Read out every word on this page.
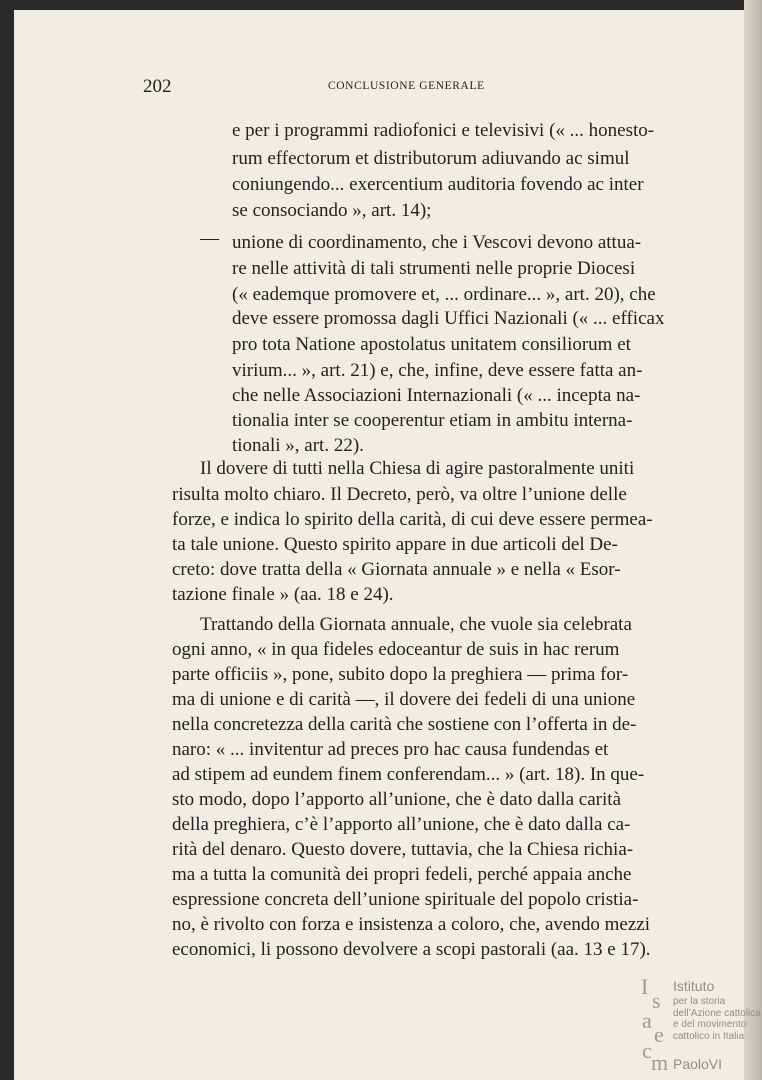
202	CONCLUSIONE GENERALE
—
e per i programmi radiofonici e televisivi (« ... honesto-
rum effectorum et distributorum adiuvando ac simul
coniungendo... exercentium auditoria fovendo ac inter
se consociando », art. 14);
unione di coordinamento, che i Vescovi devono attua-
re nelle attività di tali strumenti nelle proprie Diocesi
(« eademque promovere et, ... ordinare... », art. 20), che
deve essere promossa dagli Uffici Nazionali (« ... efficax
pro tota Natione apostolatus unitatem consiliorum et
virium... », art. 21) e, che, infine, deve essere fatta an-
che nelle Associazioni Internazionali (« ... incepta na-
tionalia inter se cooperentur etiam in ambitu interna-
tionali », art. 22).
Il dovere di tutti nella Chiesa di agire pastoralmente uniti
risulta molto chiaro. Il Decreto, però, va oltre l’unione delle
forze, e indica lo spirito della carità, di cui deve essere permea-
ta tale unione. Questo spirito appare in due articoli del De-
creto: dove tratta della « Giornata annuale » e nella « Esor-
tazione finale » (aa. 18 e 24).
Trattando della Giornata annuale, che vuole sia celebrata
ogni anno, « in qua fideles edoceantur de suis in hac rerum
parte officiis », pone, subito dopo la preghiera — prima for-
ma di unione e di carità —, il dovere dei fedeli di una unione
nella concretezza della carità che sostiene con l’offerta in de-
naro: « ... invitentur ad preces pro hac causa fundendas et
ad stipem ad eundem finem conferendam... » (art. 18). In que-
sto modo, dopo l’apporto all’unione, che è dato dalla carità
della preghiera, c’è l’apporto all’unione, che è dato dalla ca-
rità del denaro. Questo dovere, tuttavia, che la Chiesa richia-
ma a tutta la comunità dei propri fedeli, perché appaia anche
espressione concreta dell’unione spirituale del popolo cristia-
no, è rivolto con forza e insistenza a coloro, che, avendo mezzi
economici, li possono devolvere a scopi pastorali (aa. 13 e 17).
I
s
a
e
c m
Istituto
per la storia
dell’Azione cattolica
e del movimento
cattolico in Italia
PaoloVI
